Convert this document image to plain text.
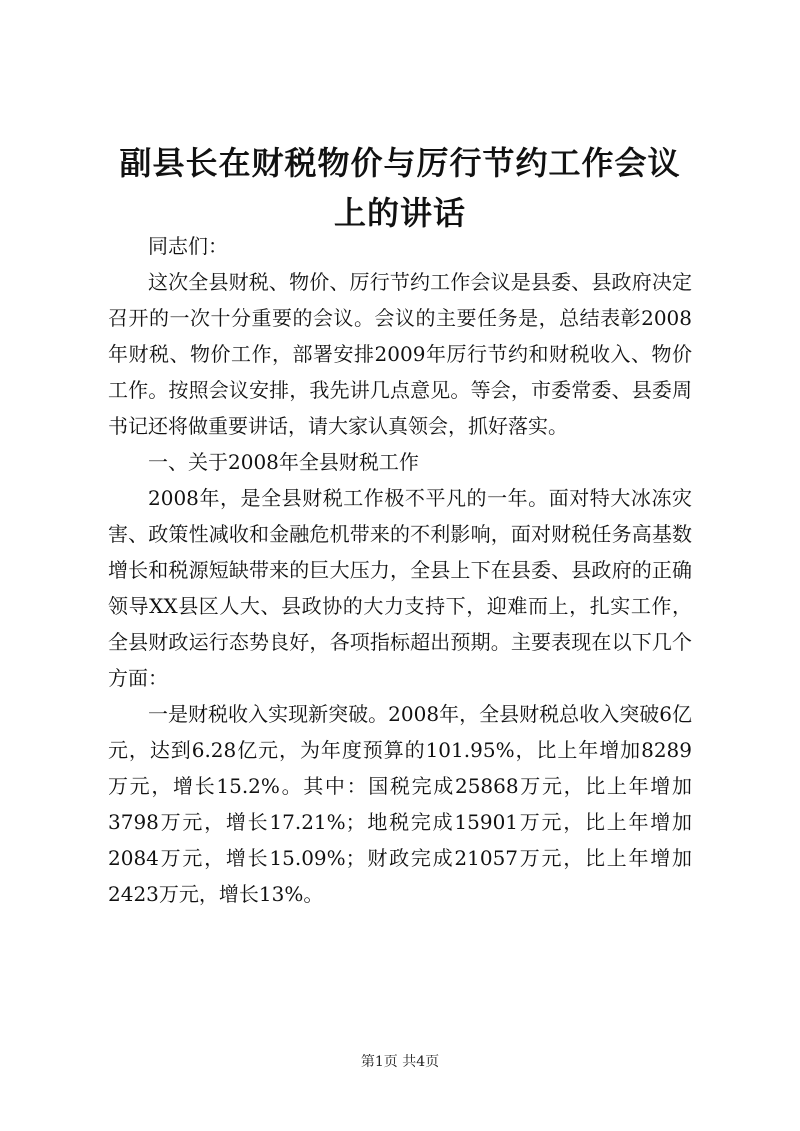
副县长在财税物价与厉行节约工作会议上的讲话

同志们：

这次全县财税、物价、厉行节约工作会议是县委、县政府决定召开的一次十分重要的会议。会议的主要任务是，总结表彰2008年财税、物价工作，部署安排2009年厉行节约和财税收入、物价工作。按照会议安排，我先讲几点意见。等会，市委常委、县委周书记还将做重要讲话，请大家认真领会，抓好落实。

一、关于2008年全县财税工作

2008年，是全县财税工作极不平凡的一年。面对特大冰冻灾害、政策性减收和金融危机带来的不利影响，面对财税任务高基数增长和税源短缺带来的巨大压力，全县上下在县委、县政府的正确领导XX县区人大、县政协的大力支持下，迎难而上，扎实工作，全县财政运行态势良好，各项指标超出预期。主要表现在以下几个方面：

一是财税收入实现新突破。2008年，全县财税总收入突破6亿元，达到6.28亿元，为年度预算的101.95%，比上年增加8289万元，增长15.2%。其中：国税完成25868万元，比上年增加3798万元，增长17.21%；地税完成15901万元，比上年增加2084万元，增长15.09%；财政完成21057万元，比上年增加2423万元，增长13%。

第1页 共4页
